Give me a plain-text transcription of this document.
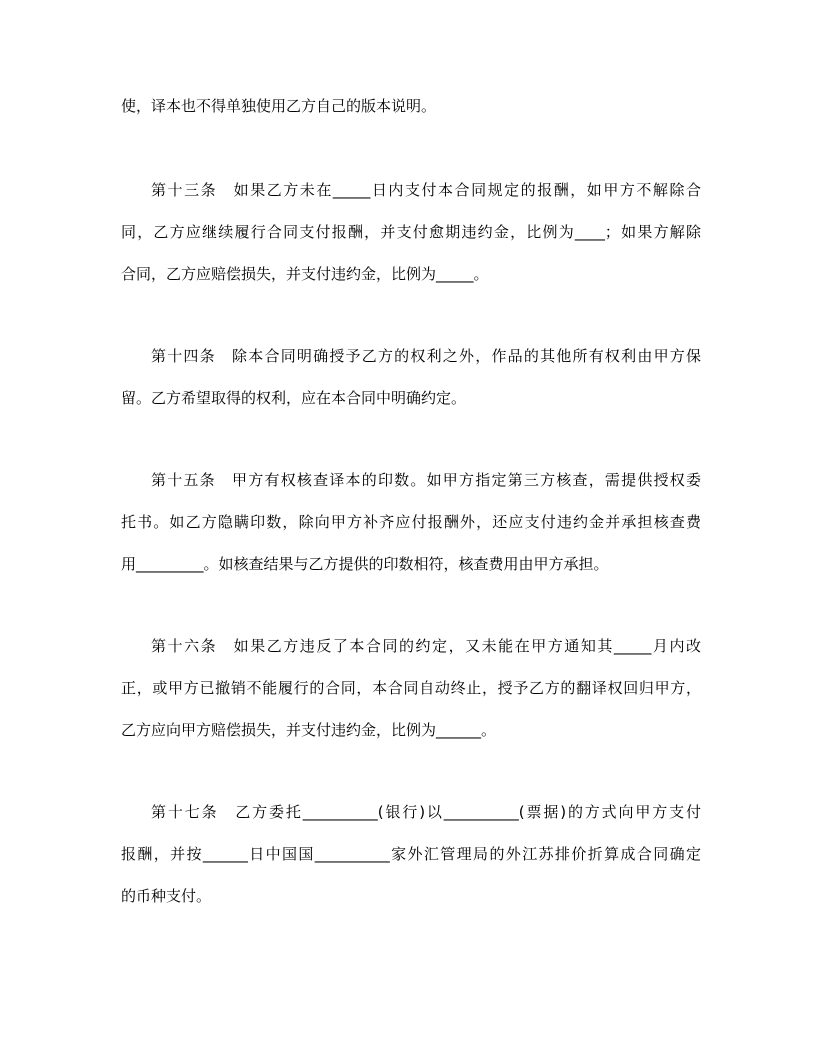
使，译本也不得单独使用乙方自己的版本说明。
第十三条　如果乙方未在_____日内支付本合同规定的报酬，如甲方不解除合
同，乙方应继续履行合同支付报酬，并支付愈期违约金，比例为____；如果方解除
合同，乙方应赔偿损失，并支付违约金，比例为_____。
第十四条　除本合同明确授予乙方的权利之外，作品的其他所有权利由甲方保
留。乙方希望取得的权利，应在本合同中明确约定。
第十五条　甲方有权核查译本的印数。如甲方指定第三方核查，需提供授权委
托书。如乙方隐瞒印数，除向甲方补齐应付报酬外，还应支付违约金并承担核查费
用_________。如核查结果与乙方提供的印数相符，核查费用由甲方承担。
第十六条　如果乙方违反了本合同的约定，又未能在甲方通知其_____月内改
正，或甲方已撤销不能履行的合同，本合同自动终止，授予乙方的翻译权回归甲方，
乙方应向甲方赔偿损失，并支付违约金，比例为______。
第十七条　乙方委托__________(银行)以__________(票据)的方式向甲方支付
报酬，并按______日中国国__________家外汇管理局的外江苏排价折算成合同确定
的币种支付。
